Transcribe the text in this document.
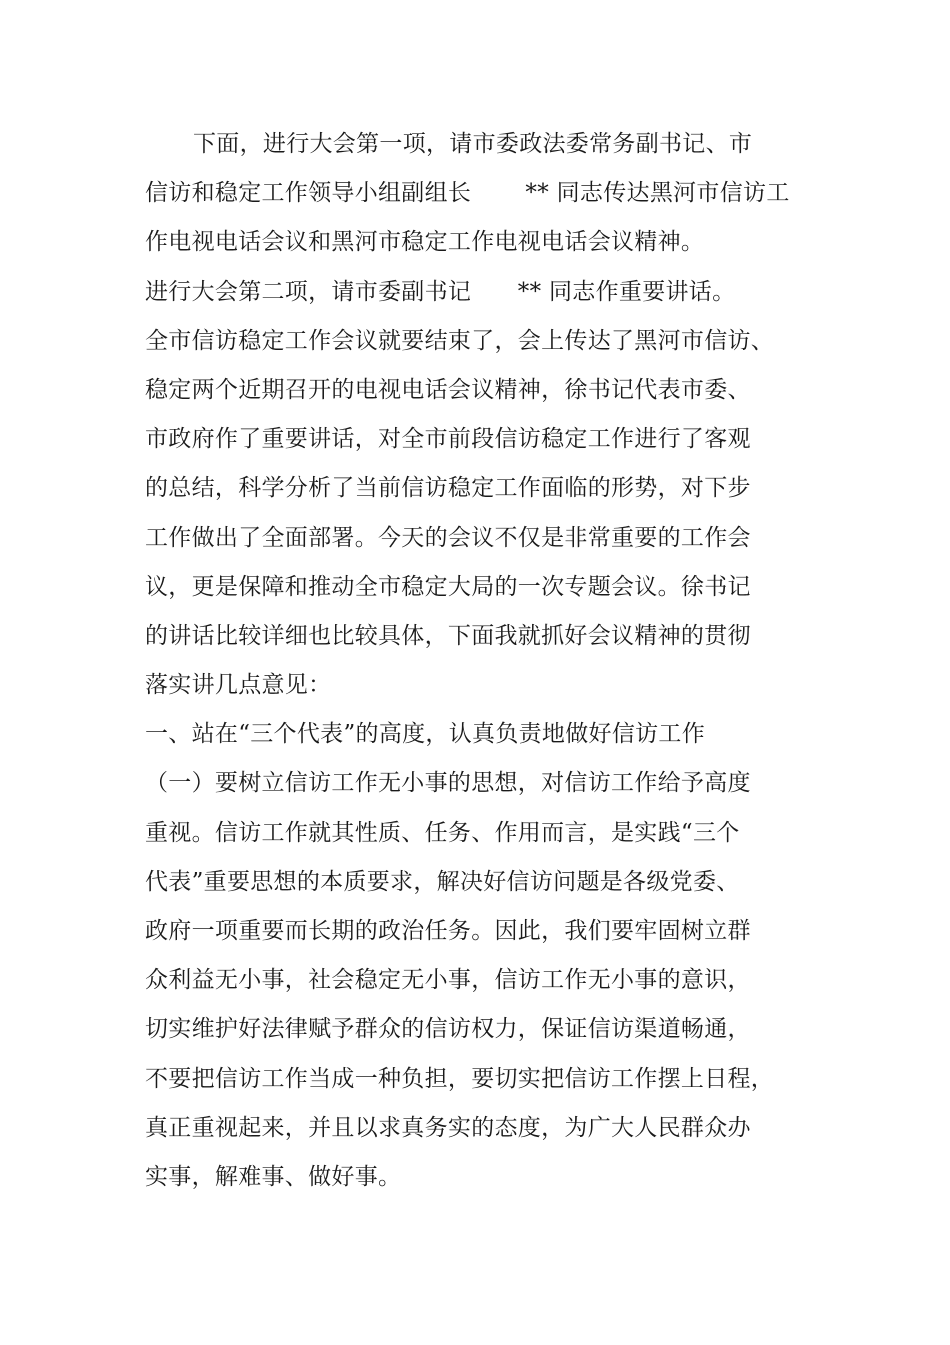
下面，进行大会第一项，请市委政法委常务副书记、市
信访和稳定工作领导小组副组长　　 ** 同志传达黑河市信访工
作电视电话会议和黑河市稳定工作电视电话会议精神。
进行大会第二项，请市委副书记　　** 同志作重要讲话。
全市信访稳定工作会议就要结束了，会上传达了黑河市信访、
稳定两个近期召开的电视电话会议精神，徐书记代表市委、
市政府作了重要讲话，对全市前段信访稳定工作进行了客观
的总结，科学分析了当前信访稳定工作面临的形势，对下步
工作做出了全面部署。今天的会议不仅是非常重要的工作会
议，更是保障和推动全市稳定大局的一次专题会议。徐书记
的讲话比较详细也比较具体，下面我就抓好会议精神的贯彻
落实讲几点意见：
一、站在“三个代表”的高度，认真负责地做好信访工作
（一）要树立信访工作无小事的思想，对信访工作给予高度
重视。信访工作就其性质、任务、作用而言，是实践“三个
代表”重要思想的本质要求，解决好信访问题是各级党委、
政府一项重要而长期的政治任务。因此，我们要牢固树立群
众利益无小事，社会稳定无小事，信访工作无小事的意识，
切实维护好法律赋予群众的信访权力，保证信访渠道畅通，
不要把信访工作当成一种负担，要切实把信访工作摆上日程，
真正重视起来，并且以求真务实的态度，为广大人民群众办
实事，解难事、做好事。
